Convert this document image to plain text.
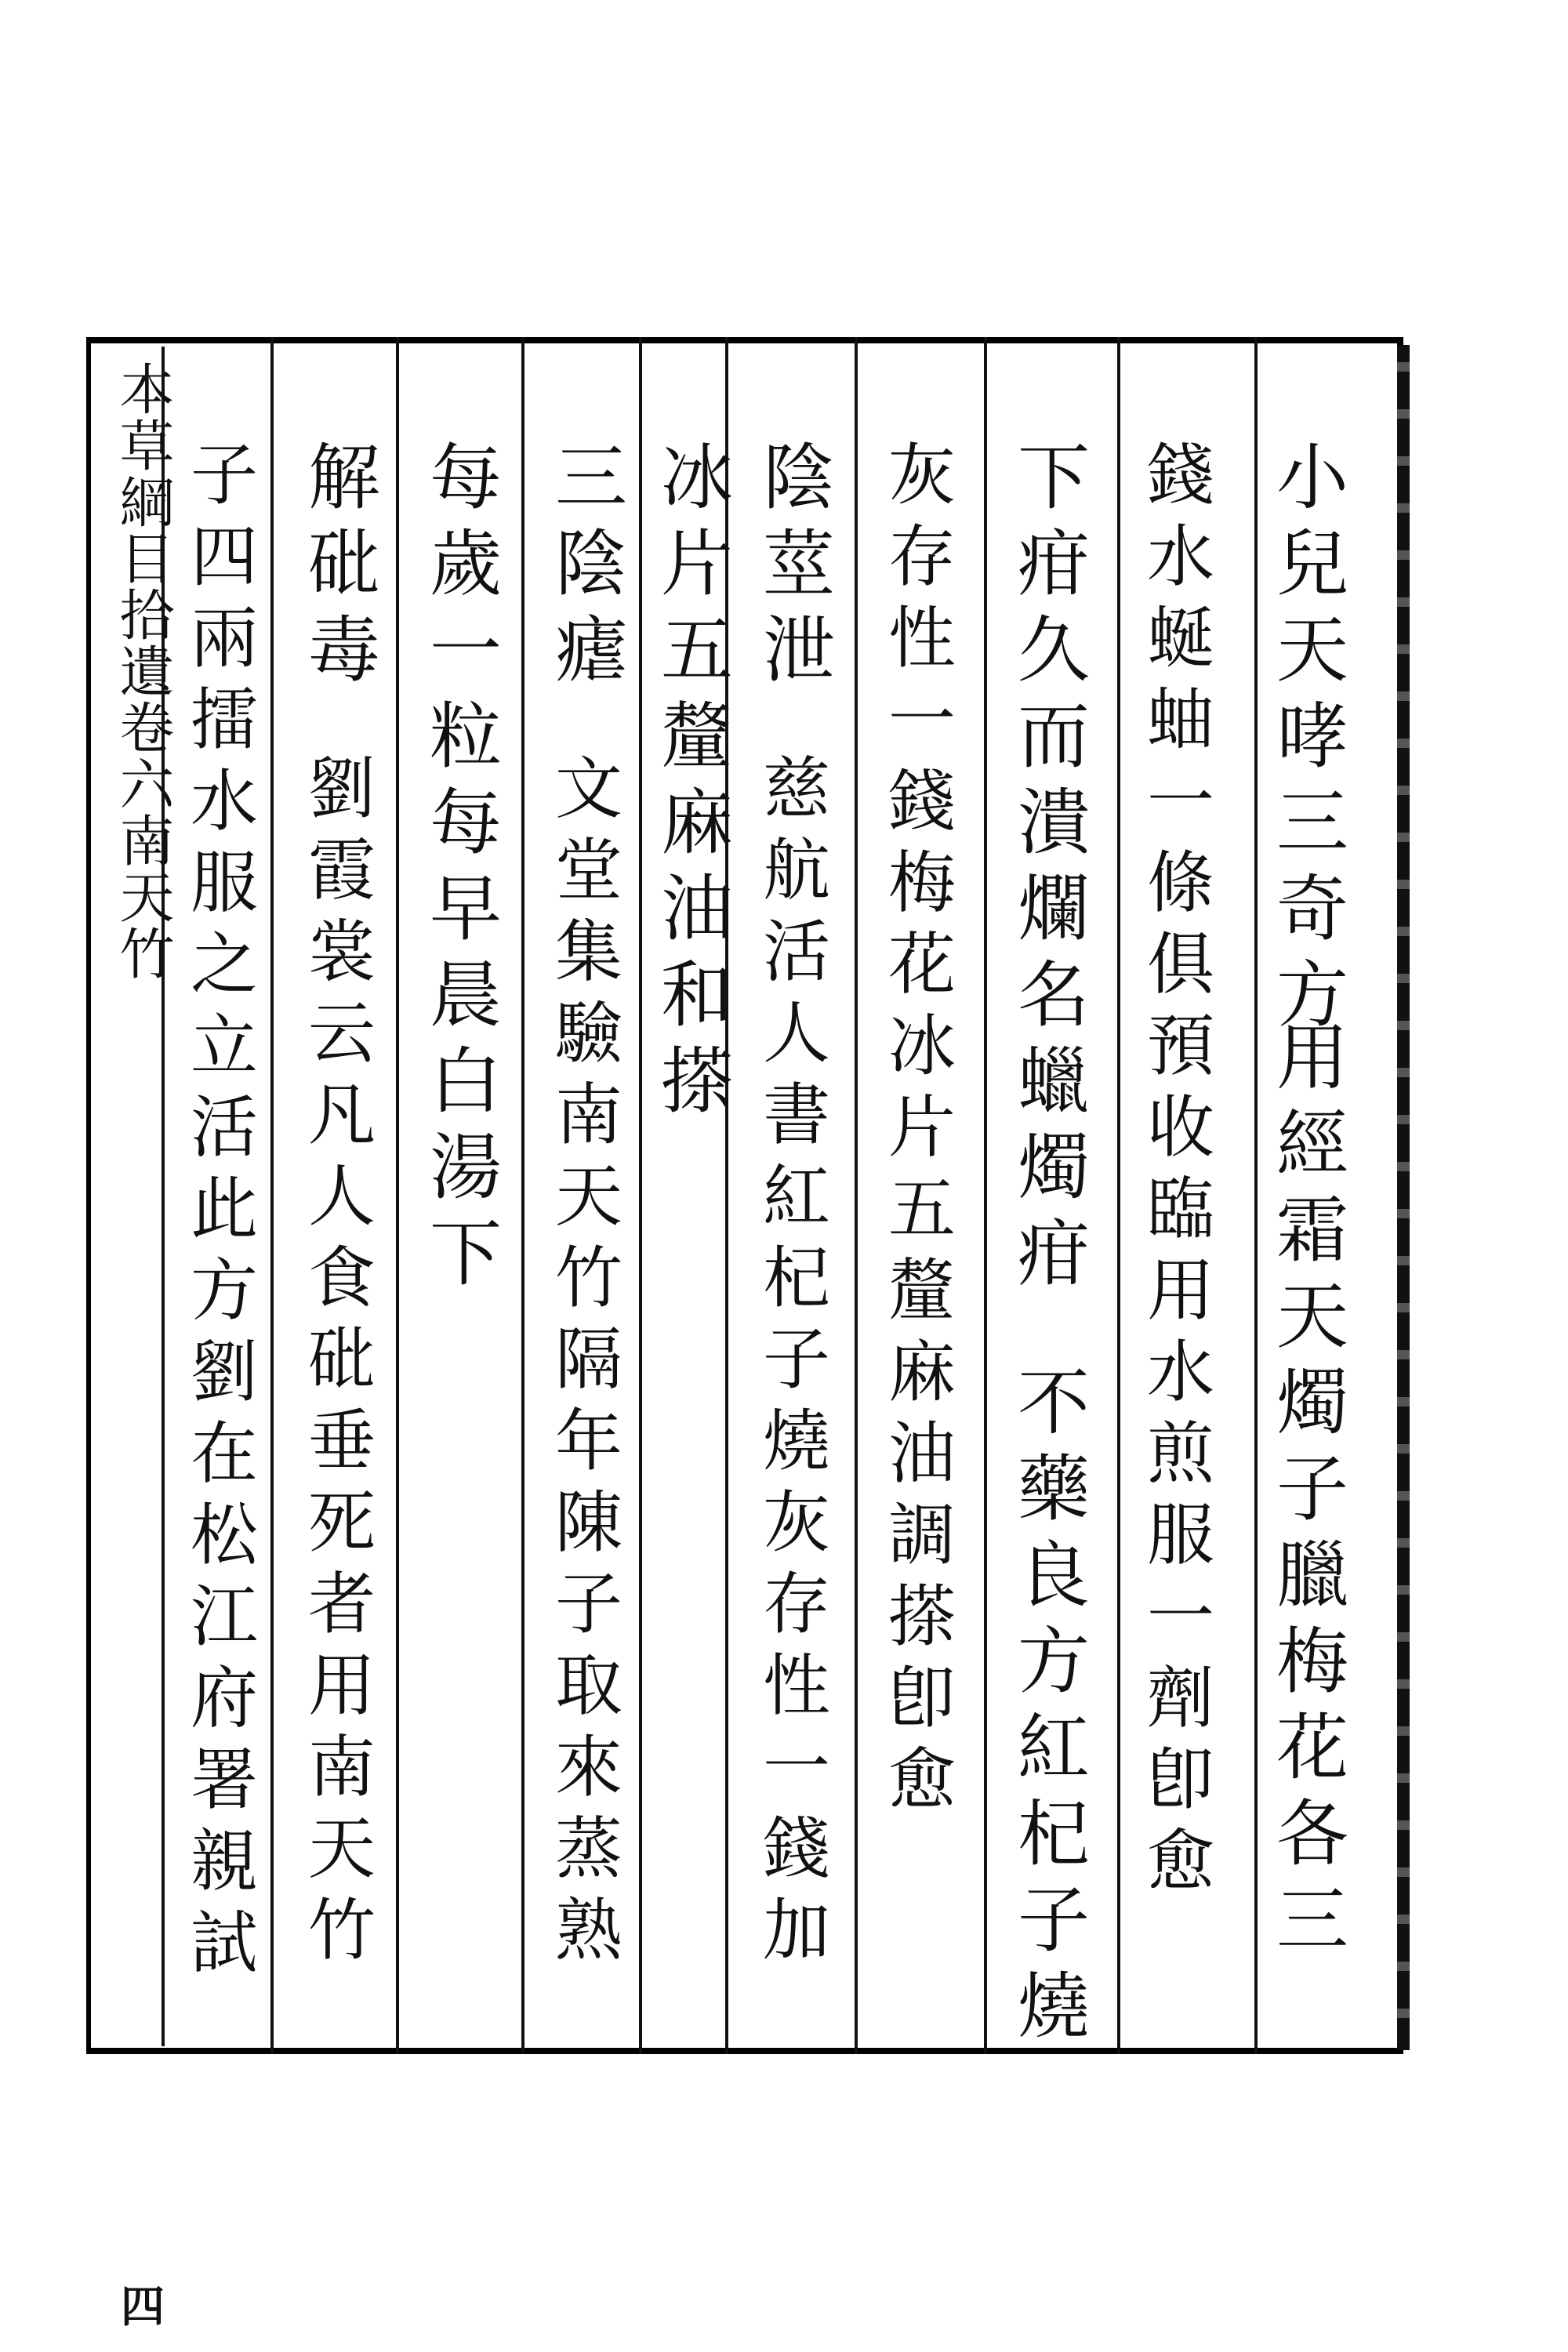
本草綱目拾遺卷六南天竹
四
小兒天哮三奇方
用經霜天燭子臘梅花各三
錢水蜒蚰一條俱預收臨用水煎服一劑卽愈
下疳久而潰爛名蠟燭疳
不藥良方紅杞子燒
灰存性一錢梅花冰片五釐麻油調搽卽愈
陰莖泄
慈航活人書紅杞子燒灰存性一錢加
冰片五釐麻油和搽
三陰瘧
文堂集驗南天竹隔年陳子取來蒸熟
每歲一粒每早晨白湯下
解砒毒
劉霞裳云凡人食砒垂死者用南天竹
子四兩擂水服之立活此方劉在松江府署親試
